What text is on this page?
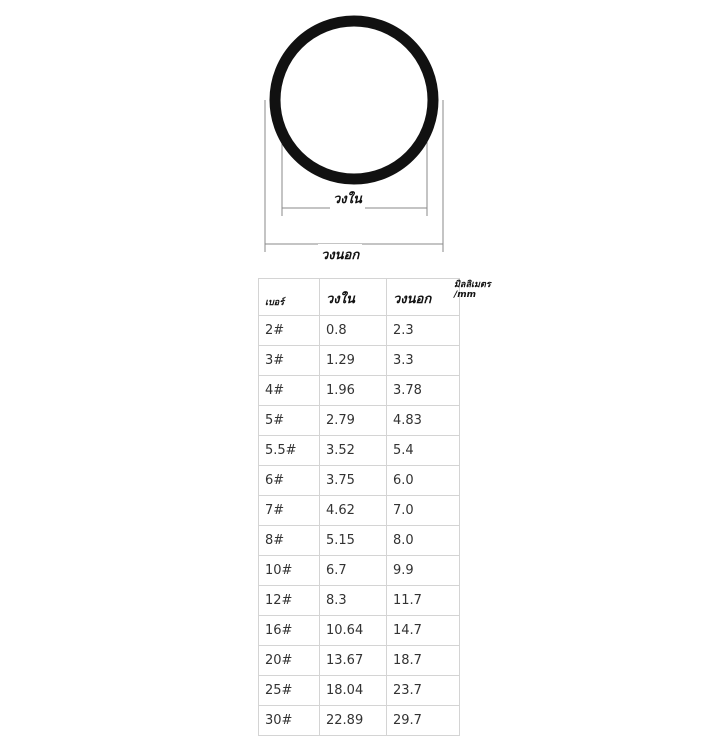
วงใน
วงนอก
เบอร์	วงใน	วงนอก
2#	0.8	2.3
3#	1.29	3.3
4#	1.96	3.78
5#	2.79	4.83
5.5#	3.52	5.4
6#	3.75	6.0
7#	4.62	7.0
8#	5.15	8.0
10#	6.7	9.9
12#	8.3	11.7
16#	10.64	14.7
20#	13.67	18.7
25#	18.04	23.7
30#	22.89	29.7
มิลลิเมตร
/mm
